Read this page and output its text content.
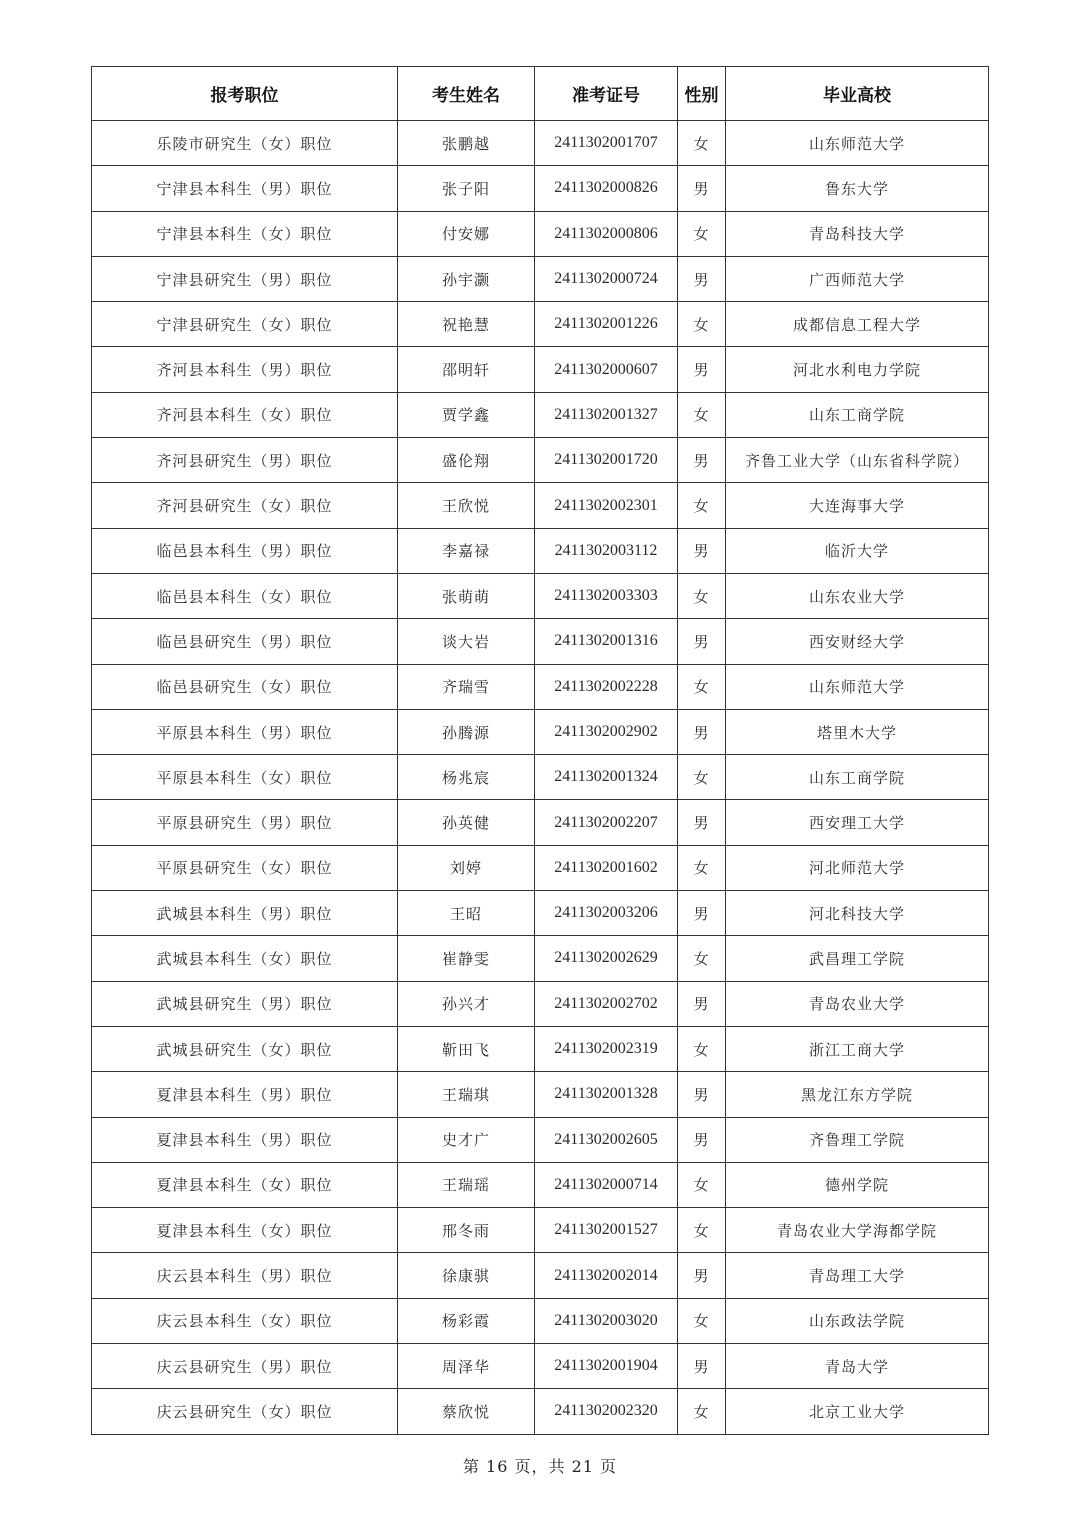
报考职位	考生姓名	准考证号	性别	毕业高校
乐陵市研究生（女）职位	张鹏越	2411302001707	女	山东师范大学
宁津县本科生（男）职位	张子阳	2411302000826	男	鲁东大学
宁津县本科生（女）职位	付安娜	2411302000806	女	青岛科技大学
宁津县研究生（男）职位	孙宇灏	2411302000724	男	广西师范大学
宁津县研究生（女）职位	祝艳慧	2411302001226	女	成都信息工程大学
齐河县本科生（男）职位	邵明轩	2411302000607	男	河北水利电力学院
齐河县本科生（女）职位	贾学鑫	2411302001327	女	山东工商学院
齐河县研究生（男）职位	盛伦翔	2411302001720	男	齐鲁工业大学（山东省科学院）
齐河县研究生（女）职位	王欣悦	2411302002301	女	大连海事大学
临邑县本科生（男）职位	李嘉禄	2411302003112	男	临沂大学
临邑县本科生（女）职位	张萌萌	2411302003303	女	山东农业大学
临邑县研究生（男）职位	谈大岩	2411302001316	男	西安财经大学
临邑县研究生（女）职位	齐瑞雪	2411302002228	女	山东师范大学
平原县本科生（男）职位	孙腾源	2411302002902	男	塔里木大学
平原县本科生（女）职位	杨兆宸	2411302001324	女	山东工商学院
平原县研究生（男）职位	孙英健	2411302002207	男	西安理工大学
平原县研究生（女）职位	刘婷	2411302001602	女	河北师范大学
武城县本科生（男）职位	王昭	2411302003206	男	河北科技大学
武城县本科生（女）职位	崔静雯	2411302002629	女	武昌理工学院
武城县研究生（男）职位	孙兴才	2411302002702	男	青岛农业大学
武城县研究生（女）职位	靳田飞	2411302002319	女	浙江工商大学
夏津县本科生（男）职位	王瑞琪	2411302001328	男	黑龙江东方学院
夏津县本科生（男）职位	史才广	2411302002605	男	齐鲁理工学院
夏津县本科生（女）职位	王瑞瑶	2411302000714	女	德州学院
夏津县本科生（女）职位	邢冬雨	2411302001527	女	青岛农业大学海都学院
庆云县本科生（男）职位	徐康骐	2411302002014	男	青岛理工大学
庆云县本科生（女）职位	杨彩霞	2411302003020	女	山东政法学院
庆云县研究生（男）职位	周泽华	2411302001904	男	青岛大学
庆云县研究生（女）职位	蔡欣悦	2411302002320	女	北京工业大学
第 16 页，共 21 页
